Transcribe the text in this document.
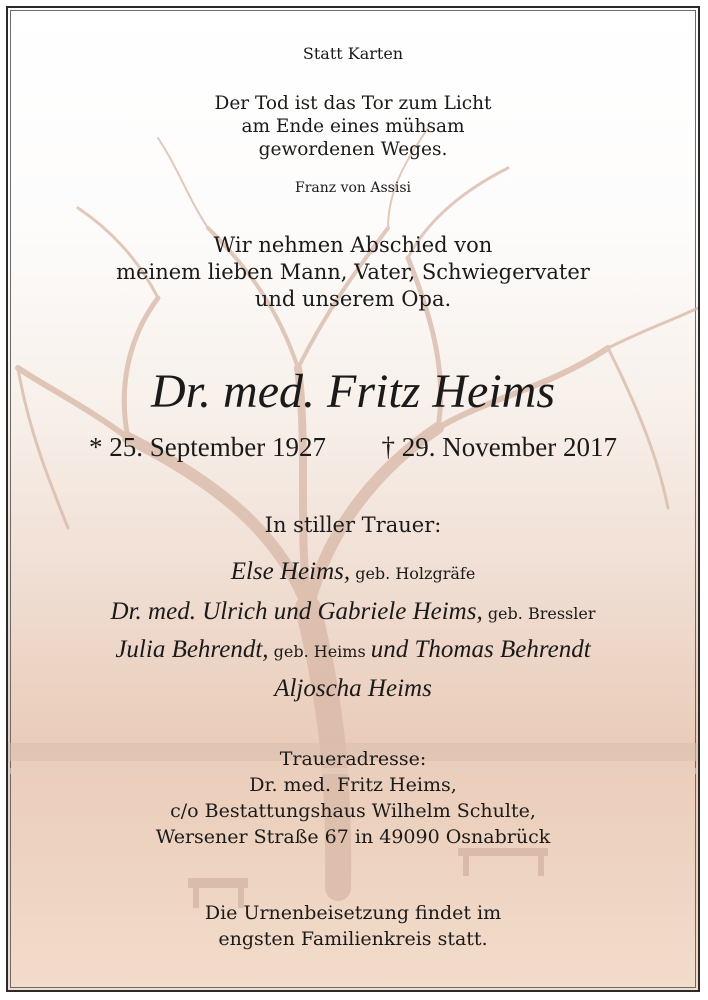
Statt Karten
Der Tod ist das Tor zum Licht
am Ende eines mühsam
gewordenen Weges.
Franz von Assisi
Wir nehmen Abschied von
meinem lieben Mann, Vater, Schwiegervater
und unserem Opa.
Dr. med. Fritz Heims
* 25. September 1927 † 29. November 2017
In stiller Trauer:
Else Heims, geb. Holzgräfe
Dr. med. Ulrich und Gabriele Heims, geb. Bressler
Julia Behrendt, geb. Heims und Thomas Behrendt
Aljoscha Heims
Traueradresse:
Dr. med. Fritz Heims,
c/o Bestattungshaus Wilhelm Schulte,
Wersener Straße 67 in 49090 Osnabrück
Die Urnenbeisetzung findet im
engsten Familienkreis statt.
